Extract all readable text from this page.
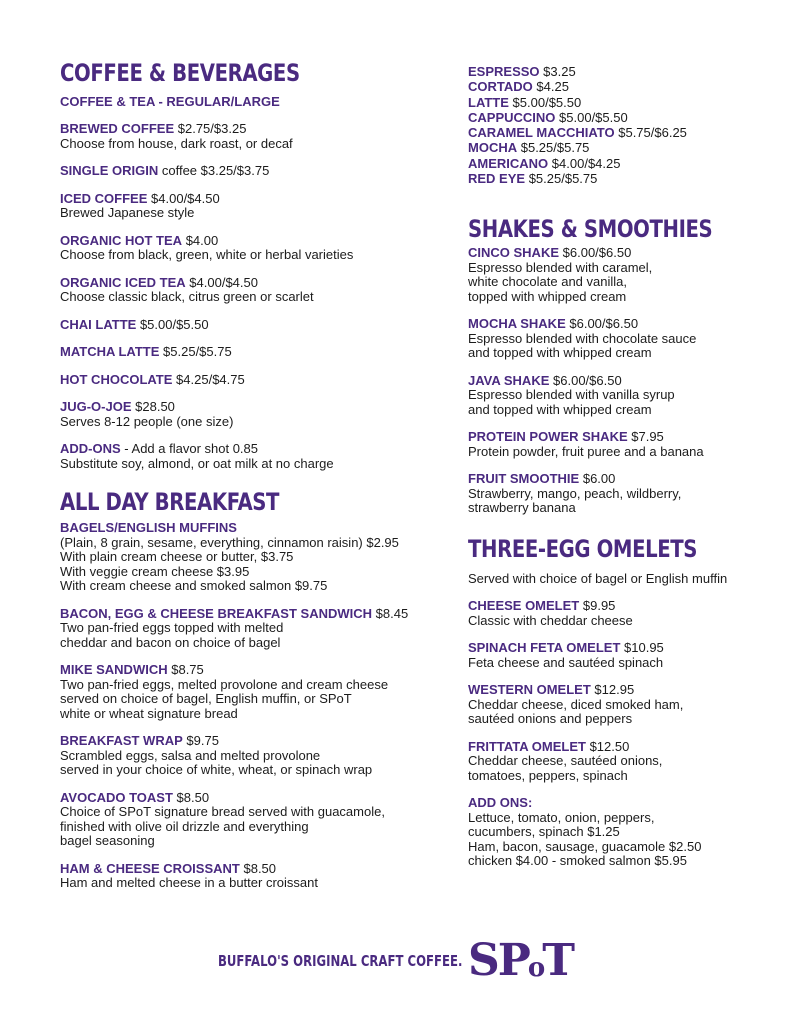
COFFEE & BEVERAGES
COFFEE & TEA - REGULAR/LARGE
BREWED COFFEE $2.75/$3.25
Choose from house, dark roast, or decaf
SINGLE ORIGIN coffee $3.25/$3.75
ICED COFFEE $4.00/$4.50
Brewed Japanese style
ORGANIC HOT TEA $4.00
Choose from black, green, white or herbal varieties
ORGANIC ICED TEA $4.00/$4.50
Choose classic black, citrus green or scarlet
CHAI LATTE $5.00/$5.50
MATCHA LATTE $5.25/$5.75
HOT CHOCOLATE $4.25/$4.75
JUG-O-JOE $28.50
Serves 8-12 people (one size)
ADD-ONS - Add a flavor shot 0.85
Substitute soy, almond, or oat milk at no charge
ALL DAY BREAKFAST
BAGELS/ENGLISH MUFFINS
(Plain, 8 grain, sesame, everything, cinnamon raisin) $2.95
With plain cream cheese or butter, $3.75
With veggie cream cheese $3.95
With cream cheese and smoked salmon $9.75
BACON, EGG & CHEESE BREAKFAST SANDWICH $8.45
Two pan-fried eggs topped with melted
cheddar and bacon on choice of bagel
MIKE SANDWICH $8.75
Two pan-fried eggs, melted provolone and cream cheese
served on choice of bagel, English muffin, or SPoT
white or wheat signature bread
BREAKFAST WRAP $9.75
Scrambled eggs, salsa and melted provolone
served in your choice of white, wheat, or spinach wrap
AVOCADO TOAST $8.50
Choice of SPoT signature bread served with guacamole,
finished with olive oil drizzle and everything
bagel seasoning
HAM & CHEESE CROISSANT $8.50
Ham and melted cheese in a butter croissant
ESPRESSO $3.25
CORTADO $4.25
LATTE $5.00/$5.50
CAPPUCCINO $5.00/$5.50
CARAMEL MACCHIATO $5.75/$6.25
MOCHA $5.25/$5.75
AMERICANO $4.00/$4.25
RED EYE $5.25/$5.75
SHAKES & SMOOTHIES
CINCO SHAKE $6.00/$6.50
Espresso blended with caramel,
white chocolate and vanilla,
topped with whipped cream
MOCHA SHAKE $6.00/$6.50
Espresso blended with chocolate sauce
and topped with whipped cream
JAVA SHAKE $6.00/$6.50
Espresso blended with vanilla syrup
and topped with whipped cream
PROTEIN POWER SHAKE $7.95
Protein powder, fruit puree and a banana
FRUIT SMOOTHIE $6.00
Strawberry, mango, peach, wildberry,
strawberry banana
THREE-EGG OMELETS
Served with choice of bagel or English muffin
CHEESE OMELET $9.95
Classic with cheddar cheese
SPINACH FETA OMELET $10.95
Feta cheese and sautéed spinach
WESTERN OMELET $12.95
Cheddar cheese, diced smoked ham,
sautéed onions and peppers
FRITTATA OMELET $12.50
Cheddar cheese, sautéed onions,
tomatoes, peppers, spinach
ADD ONS:
Lettuce, tomato, onion, peppers,
cucumbers, spinach $1.25
Ham, bacon, sausage, guacamole $2.50
chicken $4.00 - smoked salmon $5.95
BUFFALO'S ORIGINAL CRAFT COFFEE. SP o T
